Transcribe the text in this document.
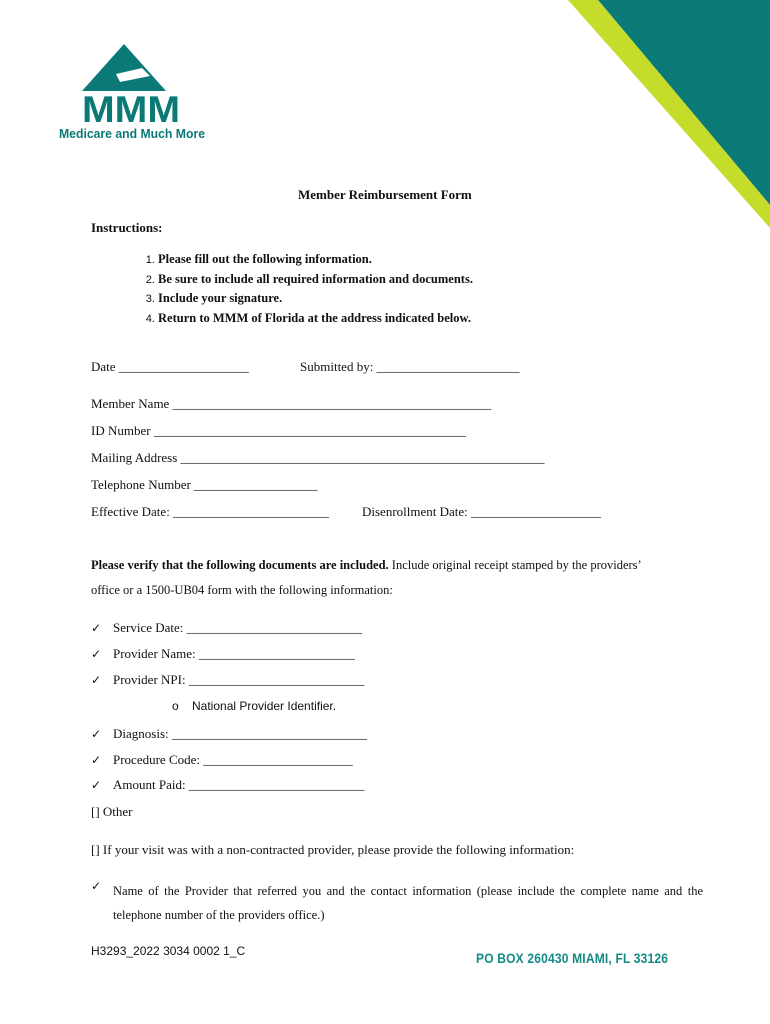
MMM
Medicare and Much More
Member Reimbursement Form
Instructions:
1. Please fill out the following information.
2. Be sure to include all required information and documents.
3. Include your signature.
4. Return to MMM of Florida at the address indicated below.
Date ____________________	Submitted by: ______________________
Member Name _________________________________________________
ID Number ________________________________________________
Mailing Address ________________________________________________________
Telephone Number ___________________
Effective Date: ________________________	Disenrollment Date: ____________________
Please verify that the following documents are included. Include original receipt stamped by the providers’
office or a 1500-UB04 form with the following information:
✓ Service Date: ___________________________
✓ Provider Name: ________________________
✓ Provider NPI: ___________________________
o National Provider Identifier.
✓ Diagnosis: ______________________________
✓ Procedure Code: _______________________
✓ Amount Paid: ___________________________
[] Other
[] If your visit was with a non-contracted provider, please provide the following information:
✓ Name of the Provider that referred you and the contact information (please include the complete name and the telephone number of the providers office.)
H3293_2022 3034 0002 1_C	PO BOX 260430 MIAMI, FL 33126
